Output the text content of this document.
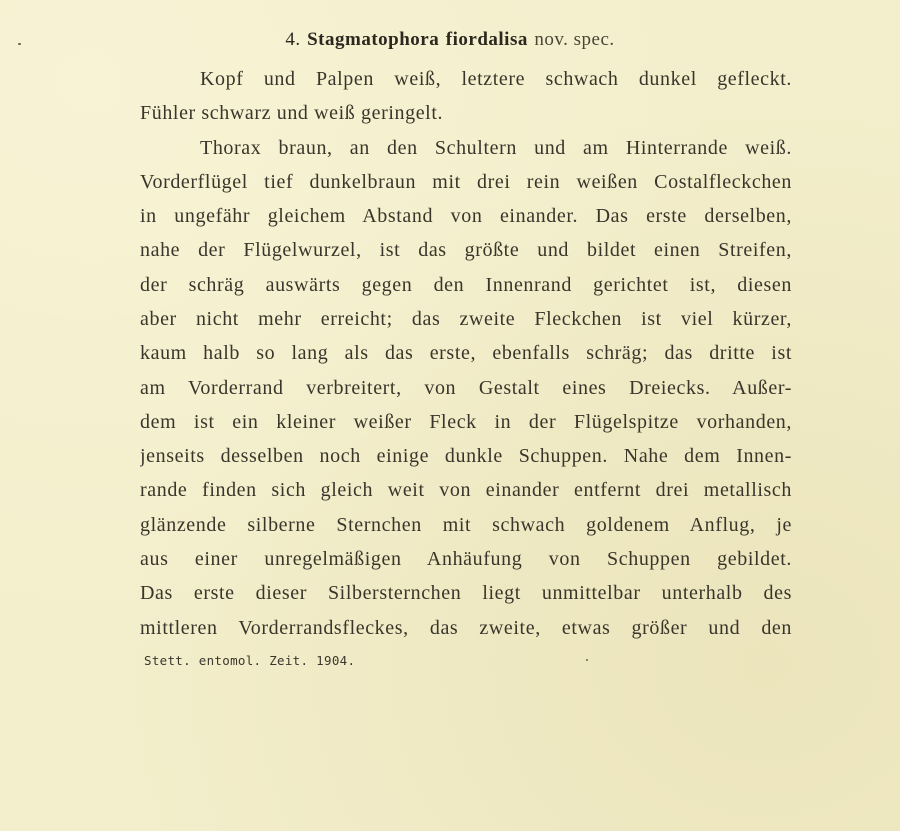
4. Stagmatophora fiordalisa nov. spec.
Kopf und Palpen weiß, letztere schwach dunkel gefleckt.
Fühler schwarz und weiß geringelt.
Thorax braun, an den Schultern und am Hinterrande weiß.
Vorderflügel tief dunkelbraun mit drei rein weißen Costalfleckchen
in ungefähr gleichem Abstand von einander. Das erste derselben,
nahe der Flügelwurzel, ist das größte und bildet einen Streifen,
der schräg auswärts gegen den Innenrand gerichtet ist, diesen
aber nicht mehr erreicht; das zweite Fleckchen ist viel kürzer,
kaum halb so lang als das erste, ebenfalls schräg; das dritte ist
am Vorderrand verbreitert, von Gestalt eines Dreiecks. Außer-
dem ist ein kleiner weißer Fleck in der Flügelspitze vorhanden,
jenseits desselben noch einige dunkle Schuppen. Nahe dem Innen-
rande finden sich gleich weit von einander entfernt drei metallisch
glänzende silberne Sternchen mit schwach goldenem Anflug, je
aus einer unregelmäßigen Anhäufung von Schuppen gebildet.
Das erste dieser Silbersternchen liegt unmittelbar unterhalb des
mittleren Vorderrandsfleckes, das zweite, etwas größer und den
Stett. entomol. Zeit. 1904.
